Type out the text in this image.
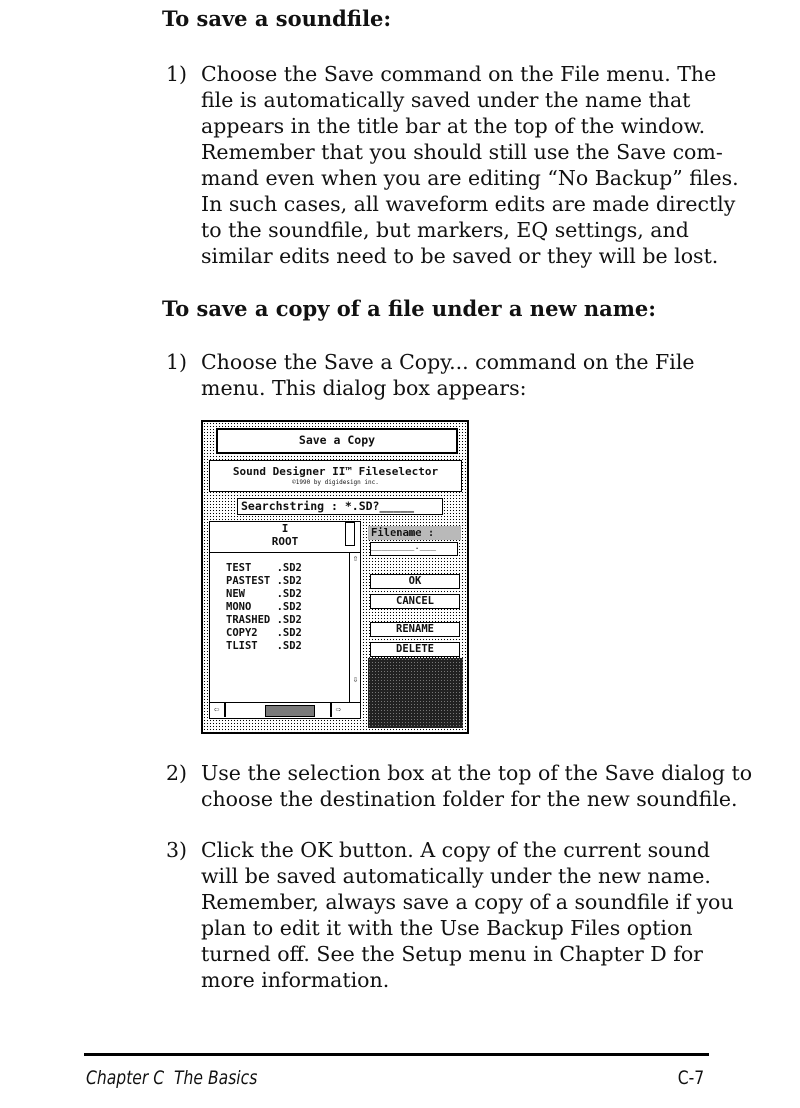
To save a soundfile:
1) Choose the Save command on the File menu. The
file is automatically saved under the name that
appears in the title bar at the top of the window.
Remember that you should still use the Save com-
mand even when you are editing “No Backup” files.
In such cases, all waveform edits are made directly
to the soundfile, but markers, EQ settings, and
similar edits need to be saved or they will be lost.
To save a copy of a file under a new name:
1) Choose the Save a Copy... command on the File
menu. This dialog box appears:
Save a Copy
Sound Designer II™ Fileselector
©1990 by digidesign inc.
Searchstring : *.SD?_____
I
ROOT
TEST    .SD2
PASTEST .SD2
NEW     .SD2
MONO    .SD2
TRASHED .SD2
COPY2   .SD2
TLIST   .SD2
⇧
⇩
⇦	⇨
Filename :
________.___
OK
CANCEL
RENAME
DELETE
2) Use the selection box at the top of the Save dialog to
choose the destination folder for the new soundfile.
3) Click the OK button. A copy of the current sound
will be saved automatically under the new name.
Remember, always save a copy of a soundfile if you
plan to edit it with the Use Backup Files option
turned off. See the Setup menu in Chapter D for
more information.
Chapter C  The Basics	C-7
